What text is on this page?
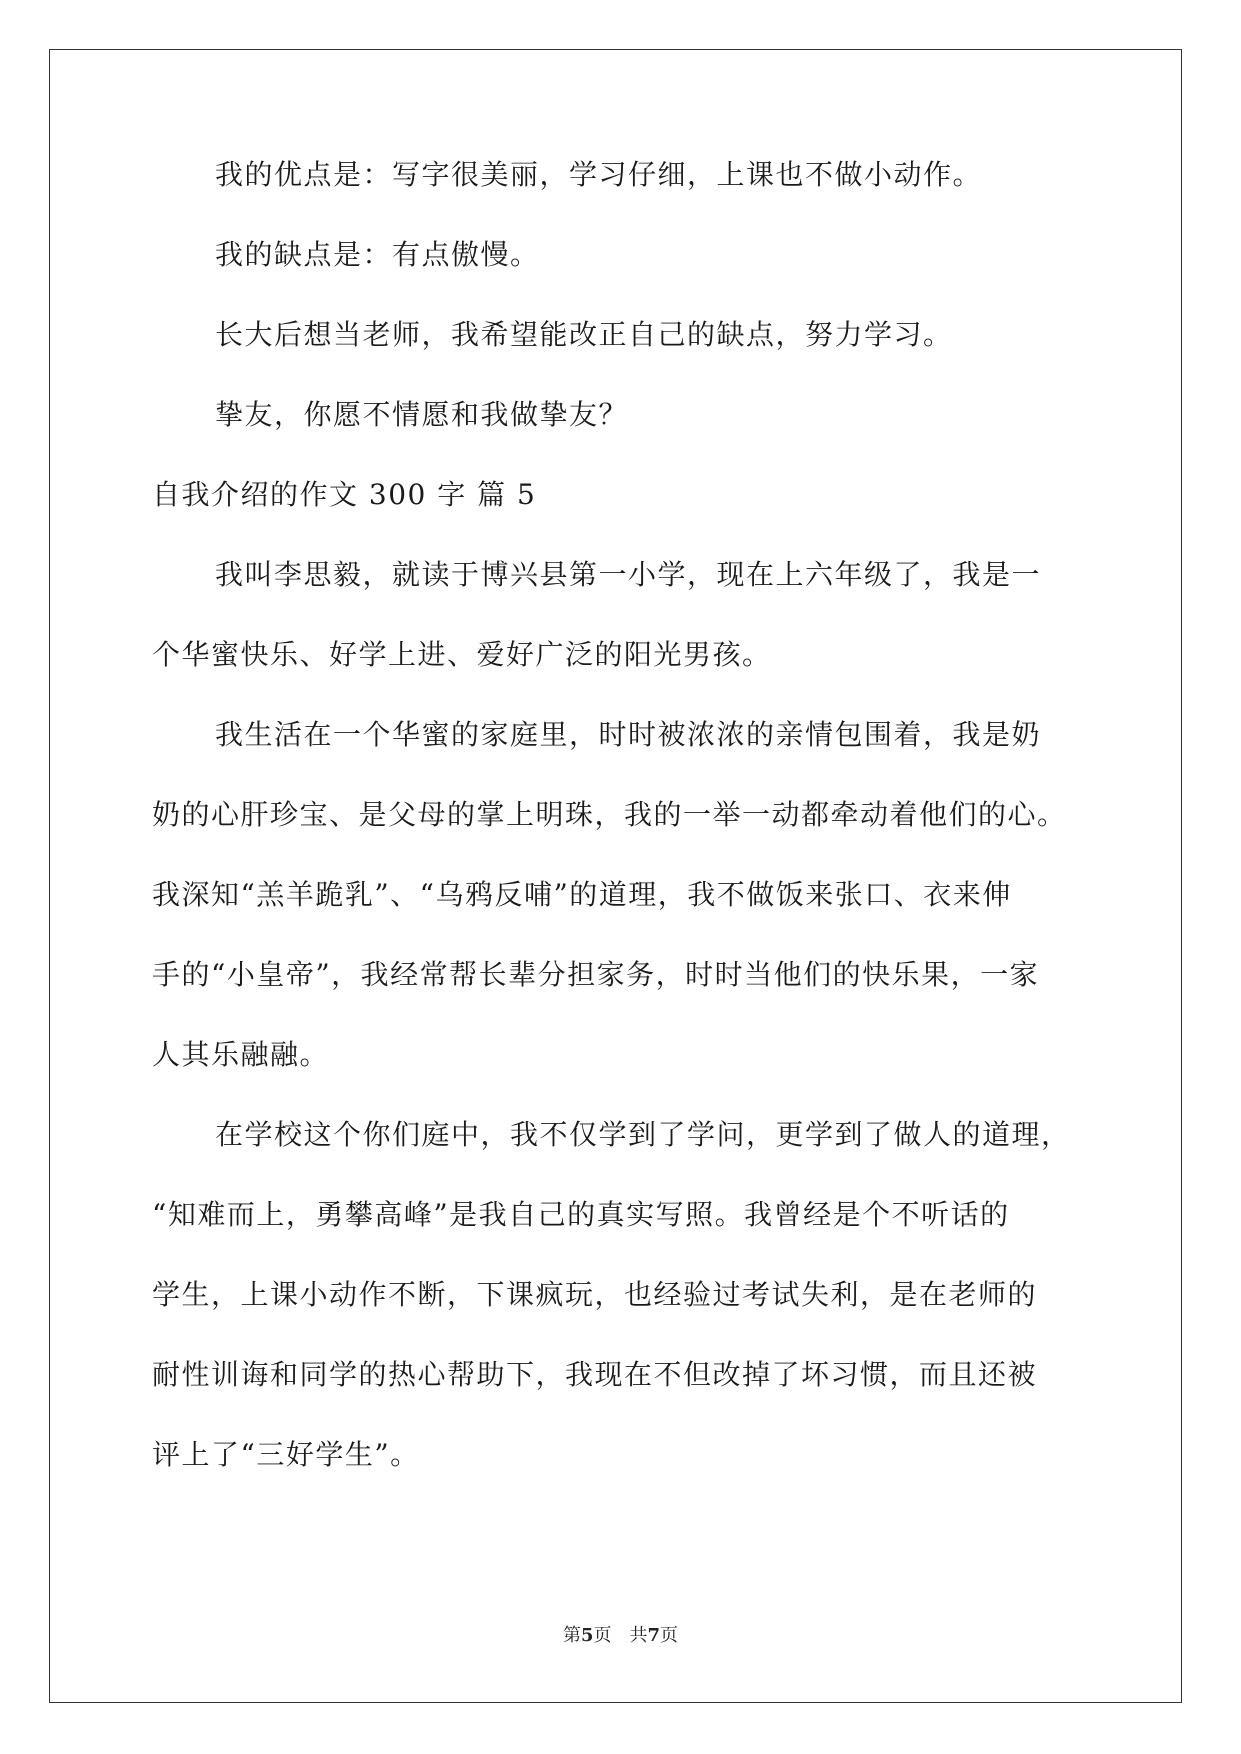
我的优点是：写字很美丽，学习仔细，上课也不做小动作。
我的缺点是：有点傲慢。
长大后想当老师，我希望能改正自己的缺点，努力学习。
挚友，你愿不情愿和我做挚友？
自我介绍的作文 300 字 篇 5
我叫李思毅，就读于博兴县第一小学，现在上六年级了，我是一
个华蜜快乐、好学上进、爱好广泛的阳光男孩。
我生活在一个华蜜的家庭里，时时被浓浓的亲情包围着，我是奶
奶的心肝珍宝、是父母的掌上明珠，我的一举一动都牵动着他们的心。
我深知“羔羊跪乳”、“乌鸦反哺”的道理，我不做饭来张口、衣来伸
手的“小皇帝”，我经常帮长辈分担家务，时时当他们的快乐果，一家
人其乐融融。
在学校这个你们庭中，我不仅学到了学问，更学到了做人的道理，
“知难而上，勇攀高峰”是我自己的真实写照。我曾经是个不听话的
学生，上课小动作不断，下课疯玩，也经验过考试失利，是在老师的
耐性训诲和同学的热心帮助下，我现在不但改掉了坏习惯，而且还被
评上了“三好学生”。
第5页 共7页
